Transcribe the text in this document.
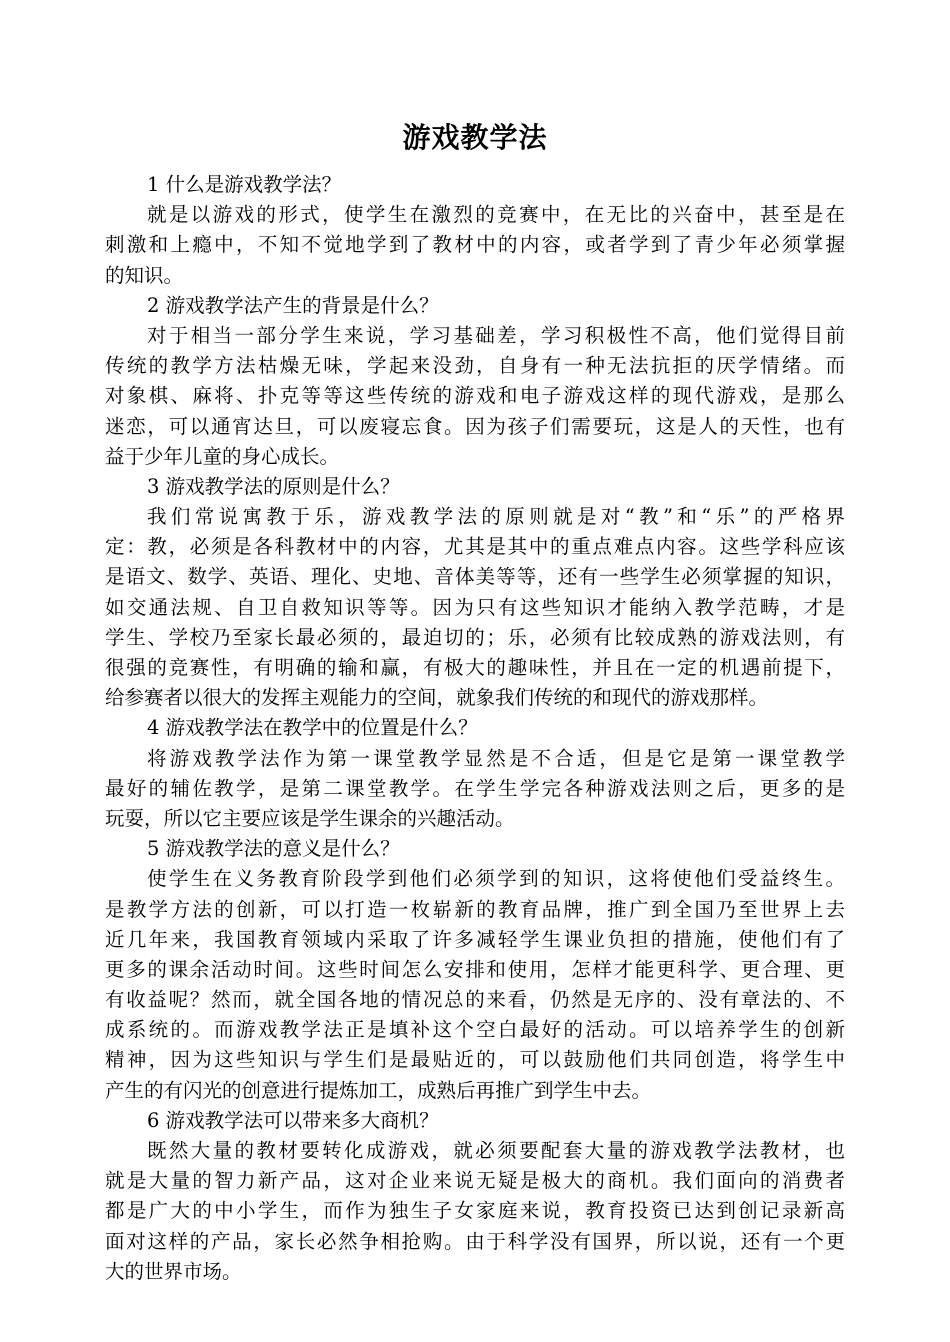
游戏教学法
1 什么是游戏教学法？
就是以游戏的形式，使学生在激烈的竞赛中，在无比的兴奋中，甚至是在
刺激和上瘾中，不知不觉地学到了教材中的内容，或者学到了青少年必须掌握
的知识。
2 游戏教学法产生的背景是什么？
对于相当一部分学生来说，学习基础差，学习积极性不高，他们觉得目前
传统的教学方法枯燥无味，学起来没劲，自身有一种无法抗拒的厌学情绪。而
对象棋、麻将、扑克等等这些传统的游戏和电子游戏这样的现代游戏，是那么
迷恋，可以通宵达旦，可以废寝忘食。因为孩子们需要玩，这是人的天性，也有
益于少年儿童的身心成长。
3 游戏教学法的原则是什么？
我们常说寓教于乐，游戏教学法的原则就是对“教”和“乐”的严格界
定：教，必须是各科教材中的内容，尤其是其中的重点难点内容。这些学科应该
是语文、数学、英语、理化、史地、音体美等等，还有一些学生必须掌握的知识，
如交通法规、自卫自救知识等等。因为只有这些知识才能纳入教学范畴，才是
学生、学校乃至家长最必须的，最迫切的；乐，必须有比较成熟的游戏法则，有
很强的竞赛性，有明确的输和赢，有极大的趣味性，并且在一定的机遇前提下，
给参赛者以很大的发挥主观能力的空间，就象我们传统的和现代的游戏那样。
4 游戏教学法在教学中的位置是什么？
将游戏教学法作为第一课堂教学显然是不合适，但是它是第一课堂教学
最好的辅佐教学，是第二课堂教学。在学生学完各种游戏法则之后，更多的是
玩耍，所以它主要应该是学生课余的兴趣活动。
5 游戏教学法的意义是什么？
使学生在义务教育阶段学到他们必须学到的知识，这将使他们受益终生。
是教学方法的创新，可以打造一枚崭新的教育品牌，推广到全国乃至世界上去
近几年来，我国教育领域内采取了许多减轻学生课业负担的措施，使他们有了
更多的课余活动时间。这些时间怎么安排和使用，怎样才能更科学、更合理、更
有收益呢？然而，就全国各地的情况总的来看，仍然是无序的、没有章法的、不
成系统的。而游戏教学法正是填补这个空白最好的活动。可以培养学生的创新
精神，因为这些知识与学生们是最贴近的，可以鼓励他们共同创造，将学生中
产生的有闪光的创意进行提炼加工，成熟后再推广到学生中去。
6 游戏教学法可以带来多大商机？
既然大量的教材要转化成游戏，就必须要配套大量的游戏教学法教材，也
就是大量的智力新产品，这对企业来说无疑是极大的商机。我们面向的消费者
都是广大的中小学生，而作为独生子女家庭来说，教育投资已达到创记录新高
面对这样的产品，家长必然争相抢购。由于科学没有国界，所以说，还有一个更
大的世界市场。
